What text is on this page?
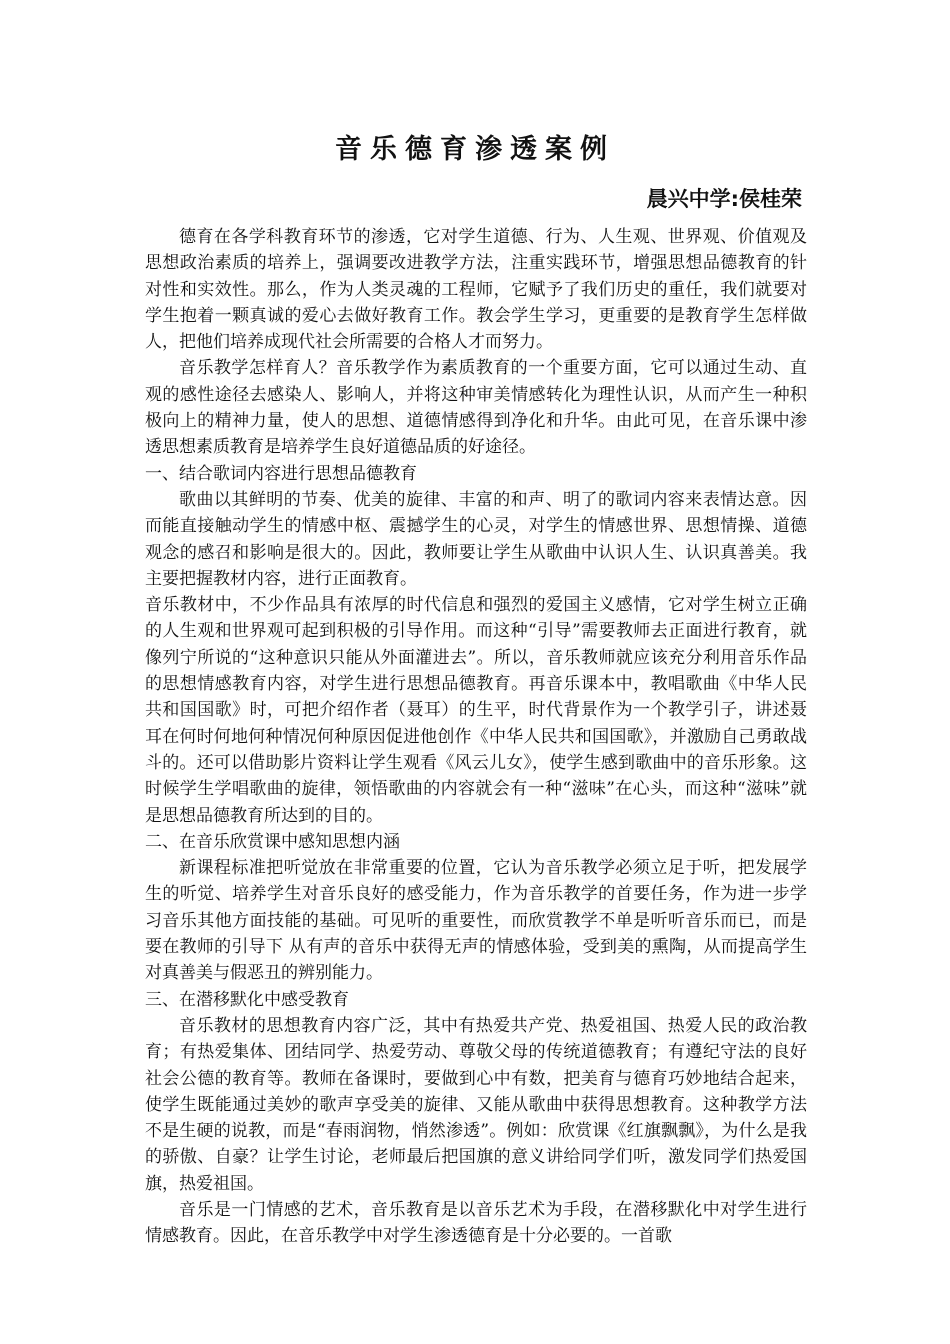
音乐德育渗透案例
晨兴中学:侯桂荣

德育在各学科教育环节的渗透，它对学生道德、行为、人生观、世界观、价值观及思想政治素质的培养上，强调要改进教学方法，注重实践环节，增强思想品德教育的针对性和实效性。那么，作为人类灵魂的工程师，它赋予了我们历史的重任，我们就要对学生抱着一颗真诚的爱心去做好教育工作。教会学生学习，更重要的是教育学生怎样做人，把他们培养成现代社会所需要的合格人才而努力。

音乐教学怎样育人？音乐教学作为素质教育的一个重要方面，它可以通过生动、直观的感性途径去感染人、影响人，并将这种审美情感转化为理性认识，从而产生一种积极向上的精神力量，使人的思想、道德情感得到净化和升华。由此可见，在音乐课中渗透思想素质教育是培养学生良好道德品质的好途径。

一、结合歌词内容进行思想品德教育

歌曲以其鲜明的节奏、优美的旋律、丰富的和声、明了的歌词内容来表情达意。因而能直接触动学生的情感中枢、震撼学生的心灵，对学生的情感世界、思想情操、道德观念的感召和影响是很大的。因此，教师要让学生从歌曲中认识人生、认识真善美。我主要把握教材内容，进行正面教育。

音乐教材中，不少作品具有浓厚的时代信息和强烈的爱国主义感情，它对学生树立正确的人生观和世界观可起到积极的引导作用。而这种“引导”需要教师去正面进行教育，就像列宁所说的“这种意识只能从外面灌进去”。所以，音乐教师就应该充分利用音乐作品的思想情感教育内容，对学生进行思想品德教育。再音乐课本中，教唱歌曲《中华人民共和国国歌》时，可把介绍作者（聂耳）的生平，时代背景作为一个教学引子，讲述聂耳在何时何地何种情况何种原因促进他创作《中华人民共和国国歌》，并激励自己勇敢战斗的。还可以借助影片资料让学生观看《风云儿女》，使学生感到歌曲中的音乐形象。这时候学生学唱歌曲的旋律，领悟歌曲的内容就会有一种“滋味”在心头，而这种“滋味”就是思想品德教育所达到的目的。

二、在音乐欣赏课中感知思想内涵

新课程标准把听觉放在非常重要的位置，它认为音乐教学必须立足于听，把发展学生的听觉、培养学生对音乐良好的感受能力，作为音乐教学的首要任务，作为进一步学习音乐其他方面技能的基础。可见听的重要性，而欣赏教学不单是听听音乐而已，而是要在教师的引导下 从有声的音乐中获得无声的情感体验，受到美的熏陶，从而提高学生对真善美与假恶丑的辨别能力。

三、在潜移默化中感受教育

音乐教材的思想教育内容广泛，其中有热爱共产党、热爱祖国、热爱人民的政治教育；有热爱集体、团结同学、热爱劳动、尊敬父母的传统道德教育；有遵纪守法的良好社会公德的教育等。教师在备课时，要做到心中有数，把美育与德育巧妙地结合起来，使学生既能通过美妙的歌声享受美的旋律、又能从歌曲中获得思想教育。这种教学方法不是生硬的说教，而是“春雨润物，悄然渗透”。例如：欣赏课《红旗飘飘》，为什么是我的骄傲、自豪？让学生讨论，老师最后把国旗的意义讲给同学们听，激发同学们热爱国旗，热爱祖国。

音乐是一门情感的艺术，音乐教育是以音乐艺术为手段，在潜移默化中对学生进行情感教育。因此，在音乐教学中对学生渗透德育是十分必要的。一首歌
